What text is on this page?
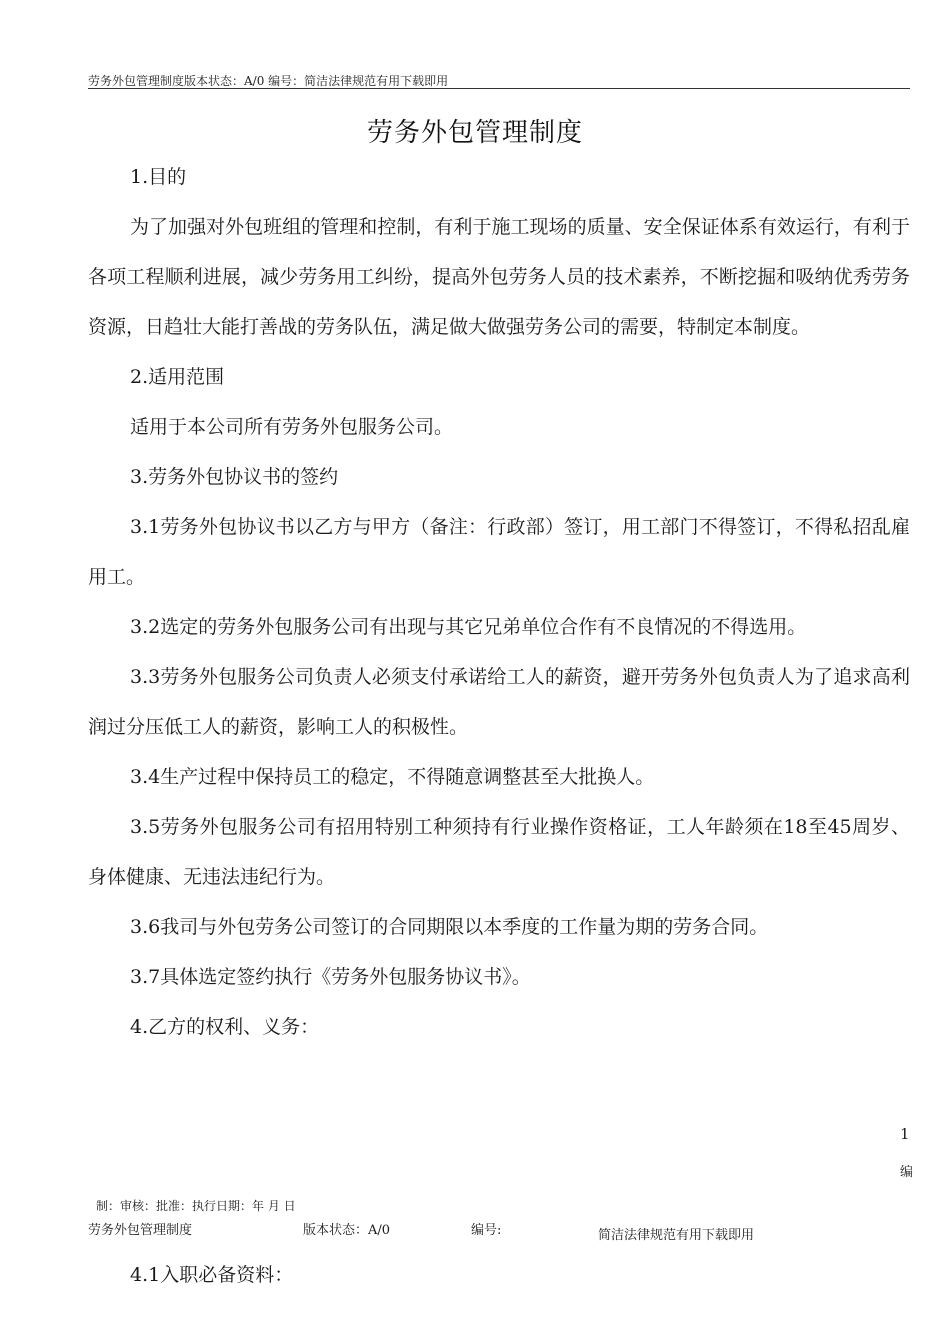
劳务外包管理制度版本状态：A/0 编号：简洁法律规范有用下载即用
劳务外包管理制度

1.目的

为了加强对外包班组的管理和控制，有利于施工现场的质量、安全保证体系有效运行，有利于各项工程顺利进展，减少劳务用工纠纷，提高外包劳务人员的技术素养，不断挖掘和吸纳优秀劳务资源，日趋壮大能打善战的劳务队伍，满足做大做强劳务公司的需要，特制定本制度。

2.适用范围

适用于本公司所有劳务外包服务公司。

3.劳务外包协议书的签约

3.1劳务外包协议书以乙方与甲方（备注：行政部）签订，用工部门不得签订，不得私招乱雇用工。

3.2选定的劳务外包服务公司有出现与其它兄弟单位合作有不良情况的不得选用。

3.3劳务外包服务公司负责人必须支付承诺给工人的薪资，避开劳务外包负责人为了追求高利润过分压低工人的薪资，影响工人的积极性。

3.4生产过程中保持员工的稳定，不得随意调整甚至大批换人。

3.5劳务外包服务公司有招用特别工种须持有行业操作资格证，工人年龄须在18至45周岁、身体健康、无违法违纪行为。

3.6我司与外包劳务公司签订的合同期限以本季度的工作量为期的劳务合同。

3.7具体选定签约执行《劳务外包服务协议书》。

4.乙方的权利、义务：

1
编
制：审核：批准：执行日期：年 月 日
劳务外包管理制度	版本状态：A/0	编号:	简洁法律规范有用下载即用
4.1入职必备资料：
